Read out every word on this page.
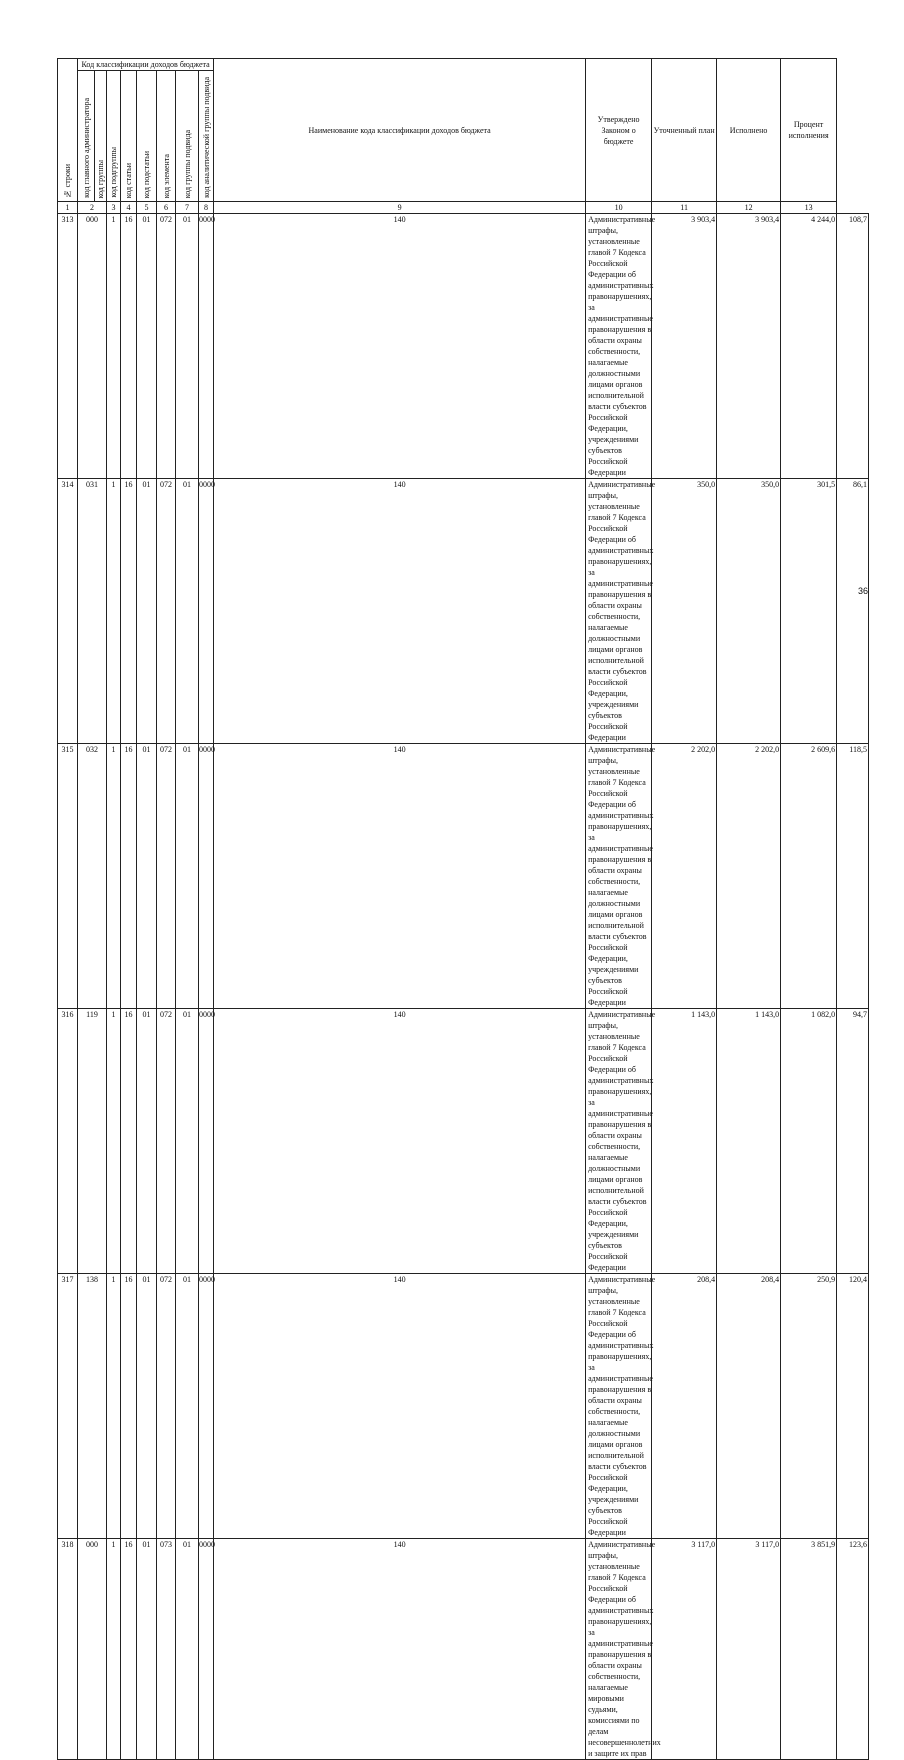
№ строки	Код классификации доходов бюджета								Наименование кода классификации доходов бюджета	Утверждено Законом о бюджете	Уточненный план	Исполнено	Процент исполнения	
	код главного администратора	код группы	код подгруппы	код статьи	код подстатьи	код элемента	код группы подвида	код аналитической группы подвида						
1	2		3	4	5	6	7	8	9	10	11	12	13	
313	000		1	16	01	072	01	0000	140	Административные штрафы, установленные главой 7 Кодекса Российской Федерации об административных правонарушениях, за административные правонарушения в области охраны собственности, налагаемые должностными лицами органов исполнительной власти субъектов Российской Федерации, учреждениями субъектов Российской Федерации	3 903,4	3 903,4	4 244,0	108,7
314	031		1	16	01	072	01	0000	140	Административные штрафы, установленные главой 7 Кодекса Российской Федерации об административных правонарушениях, за административные правонарушения в области охраны собственности, налагаемые должностными лицами органов исполнительной власти субъектов Российской Федерации, учреждениями субъектов Российской Федерации	350,0	350,0	301,5	86,1
315	032		1	16	01	072	01	0000	140	Административные штрафы, установленные главой 7 Кодекса Российской Федерации об административных правонарушениях, за административные правонарушения в области охраны собственности, налагаемые должностными лицами органов исполнительной власти субъектов Российской Федерации, учреждениями субъектов Российской Федерации	2 202,0	2 202,0	2 609,6	118,5
316	119		1	16	01	072	01	0000	140	Административные штрафы, установленные главой 7 Кодекса Российской Федерации об административных правонарушениях, за административные правонарушения в области охраны собственности, налагаемые должностными лицами органов исполнительной власти субъектов Российской Федерации, учреждениями субъектов Российской Федерации	1 143,0	1 143,0	1 082,0	94,7
317	138		1	16	01	072	01	0000	140	Административные штрафы, установленные главой 7 Кодекса Российской Федерации об административных правонарушениях, за административные правонарушения в области охраны собственности, налагаемые должностными лицами органов исполнительной власти субъектов Российской Федерации, учреждениями субъектов Российской Федерации	208,4	208,4	250,9	120,4
318	000		1	16	01	073	01	0000	140	Административные штрафы, установленные главой 7 Кодекса Российской Федерации об административных правонарушениях, за административные правонарушения в области охраны собственности, налагаемые мировыми судьями, комиссиями по делам несовершеннолетних и защите их прав	3 117,0	3 117,0	3 851,9	123,6
36
